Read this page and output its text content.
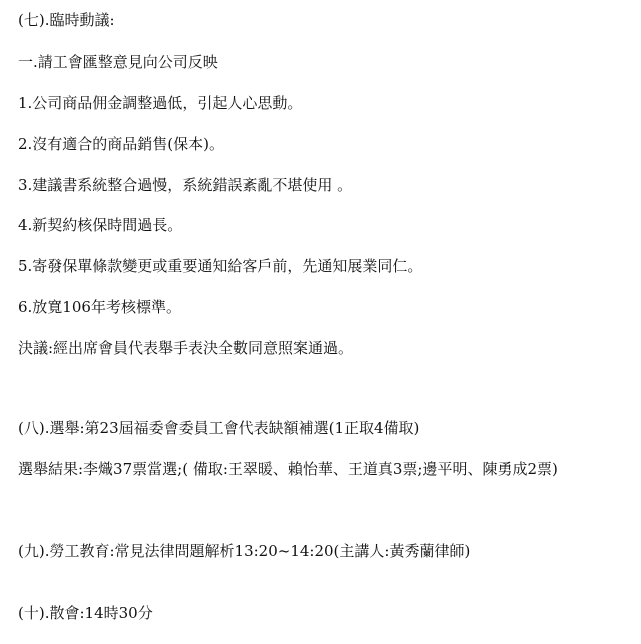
(七).臨時動議:
一.請工會匯整意見向公司反映
1.公司商品佣金調整過低，引起人心思動。
2.沒有適合的商品銷售(保本)。
3.建議書系統整合過慢，系統錯誤紊亂不堪使用 。
4.新契約核保時間過長。
5.寄發保單條款變更或重要通知給客戶前，先通知展業同仁。
6.放寬106年考核標準。
決議:經出席會員代表舉手表決全數同意照案通過。
(八).選舉:第23屆福委會委員工會代表缺額補選(1正取4備取)
選舉結果:李熾37票當選;( 備取:王翠暖、賴怡華、王道真3票;邊平明、陳勇成2票)
(九).勞工教育:常見法律問題解析13:20~14:20(主講人:黃秀蘭律師)
(十).散會:14時30分
